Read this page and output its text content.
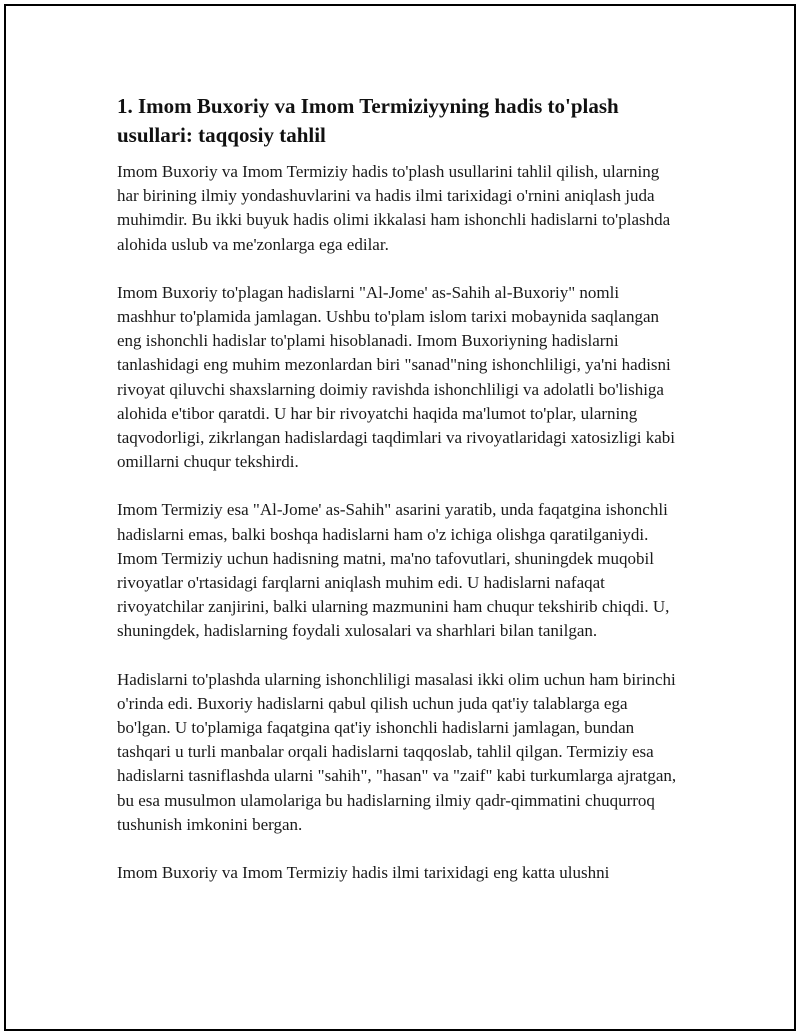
1. Imom Buxoriy va Imom Termiziyyning hadis to'plash usullari: taqqosiy tahlil

Imom Buxoriy va Imom Termiziy hadis to'plash usullarini tahlil qilish, ularning har birining ilmiy yondashuvlarini va hadis ilmi tarixidagi o'rnini aniqlash juda muhimdir. Bu ikki buyuk hadis olimi ikkalasi ham ishonchli hadislarni to'plashda alohida uslub va me'zonlarga ega edilar.

Imom Buxoriy to'plagan hadislarni "Al-Jome' as-Sahih al-Buxoriy" nomli mashhur to'plamida jamlagan. Ushbu to'plam islom tarixi mobaynida saqlangan eng ishonchli hadislar to'plami hisoblanadi. Imom Buxoriyning hadislarni tanlashidagi eng muhim mezonlardan biri "sanad"ning ishonchliligi, ya'ni hadisni rivoyat qiluvchi shaxslarning doimiy ravishda ishonchliligi va adolatli bo'lishiga alohida e'tibor qaratdi. U har bir rivoyatchi haqida ma'lumot to'plar, ularning taqvodorligi, zikrlangan hadislardagi taqdimlari va rivoyatlaridagi xatosizligi kabi omillarni chuqur tekshirdi.

Imom Termiziy esa "Al-Jome' as-Sahih" asarini yaratib, unda faqatgina ishonchli hadislarni emas, balki boshqa hadislarni ham o'z ichiga olishga qaratilganiydi. Imom Termiziy uchun hadisning matni, ma'no tafovutlari, shuningdek muqobil rivoyatlar o'rtasidagi farqlarni aniqlash muhim edi. U hadislarni nafaqat rivoyatchilar zanjirini, balki ularning mazmunini ham chuqur tekshirib chiqdi. U, shuningdek, hadislarning foydali xulosalari va sharhlari bilan tanilgan.

Hadislarni to'plashda ularning ishonchliligi masalasi ikki olim uchun ham birinchi o'rinda edi. Buxoriy hadislarni qabul qilish uchun juda qat'iy talablarga ega bo'lgan. U to'plamiga faqatgina qat'iy ishonchli hadislarni jamlagan, bundan tashqari u turli manbalar orqali hadislarni taqqoslab, tahlil qilgan. Termiziy esa hadislarni tasniflashda ularni "sahih", "hasan" va "zaif" kabi turkumlarga ajratgan, bu esa musulmon ulamolariga bu hadislarning ilmiy qadr-qimmatini chuqurroq tushunish imkonini bergan.

Imom Buxoriy va Imom Termiziy hadis ilmi tarixidagi eng katta ulushni
